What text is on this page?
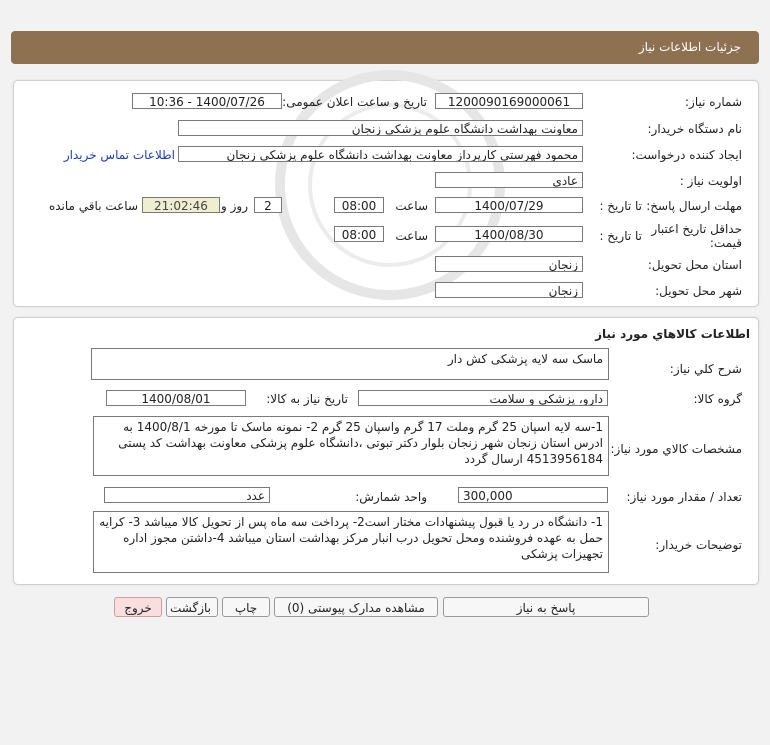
جزئیات اطلاعات نیاز
شماره نیاز:
1200090169000061
تاریخ و ساعت اعلان عمومی:
1400/07/26 - 10:36
نام دستگاه خریدار:
معاونت بهداشت دانشگاه علوم پزشکی زنجان
ایجاد کننده درخواست:
محمود فهرستی کارپرداز معاونت بهداشت دانشگاه علوم پزشکی زنجان
اطلاعات تماس خریدار
اولویت نیاز :
عادي
مهلت ارسال پاسخ:
تا تاریخ :
1400/07/29
ساعت
08:00
2
روز و
21:02:46
ساعت باقي مانده
حداقل تاریخ اعتبار
قیمت:
تا تاریخ :
1400/08/30
ساعت
08:00
استان محل تحویل:
زنجان
شهر محل تحویل:
زنجان
اطلاعات کالاهاي مورد نياز
شرح کلي نياز:
ماسک سه لایه پزشکی کش دار
گروه کالا:
دارو، پزشکی و سلامت
تاریخ نیاز به کالا:
1400/08/01
مشخصات کالاي مورد نياز:
1-سه لایه اسپان 25 گرم وملت 17 گرم واسپان 25 گرم 2- نمونه ماسک تا مورخه 1400/8/1 به ادرس استان زنجان شهر زنجان بلوار دکتر تبوتی ،دانشگاه علوم پزشکی معاونت بهداشت کد پستی 4513956184 ارسال گردد
تعداد / مقدار مورد نیاز:
300,000
واحد شمارش:
عدد
توضیحات خریدار:
1- دانشگاه در رد یا قبول پیشنهادات مختار است2- پرداخت سه ماه پس از تحویل کالا میباشد 3- کرایه حمل به عهده فروشنده ومحل تحویل درب انبار مرکز بهداشت استان میباشد 4-داشتن مجوز اداره تجهیزات پزشکی
پاسخ به نیاز
مشاهده مدارک پیوستی (0)
چاپ
بازگشت
خروج
